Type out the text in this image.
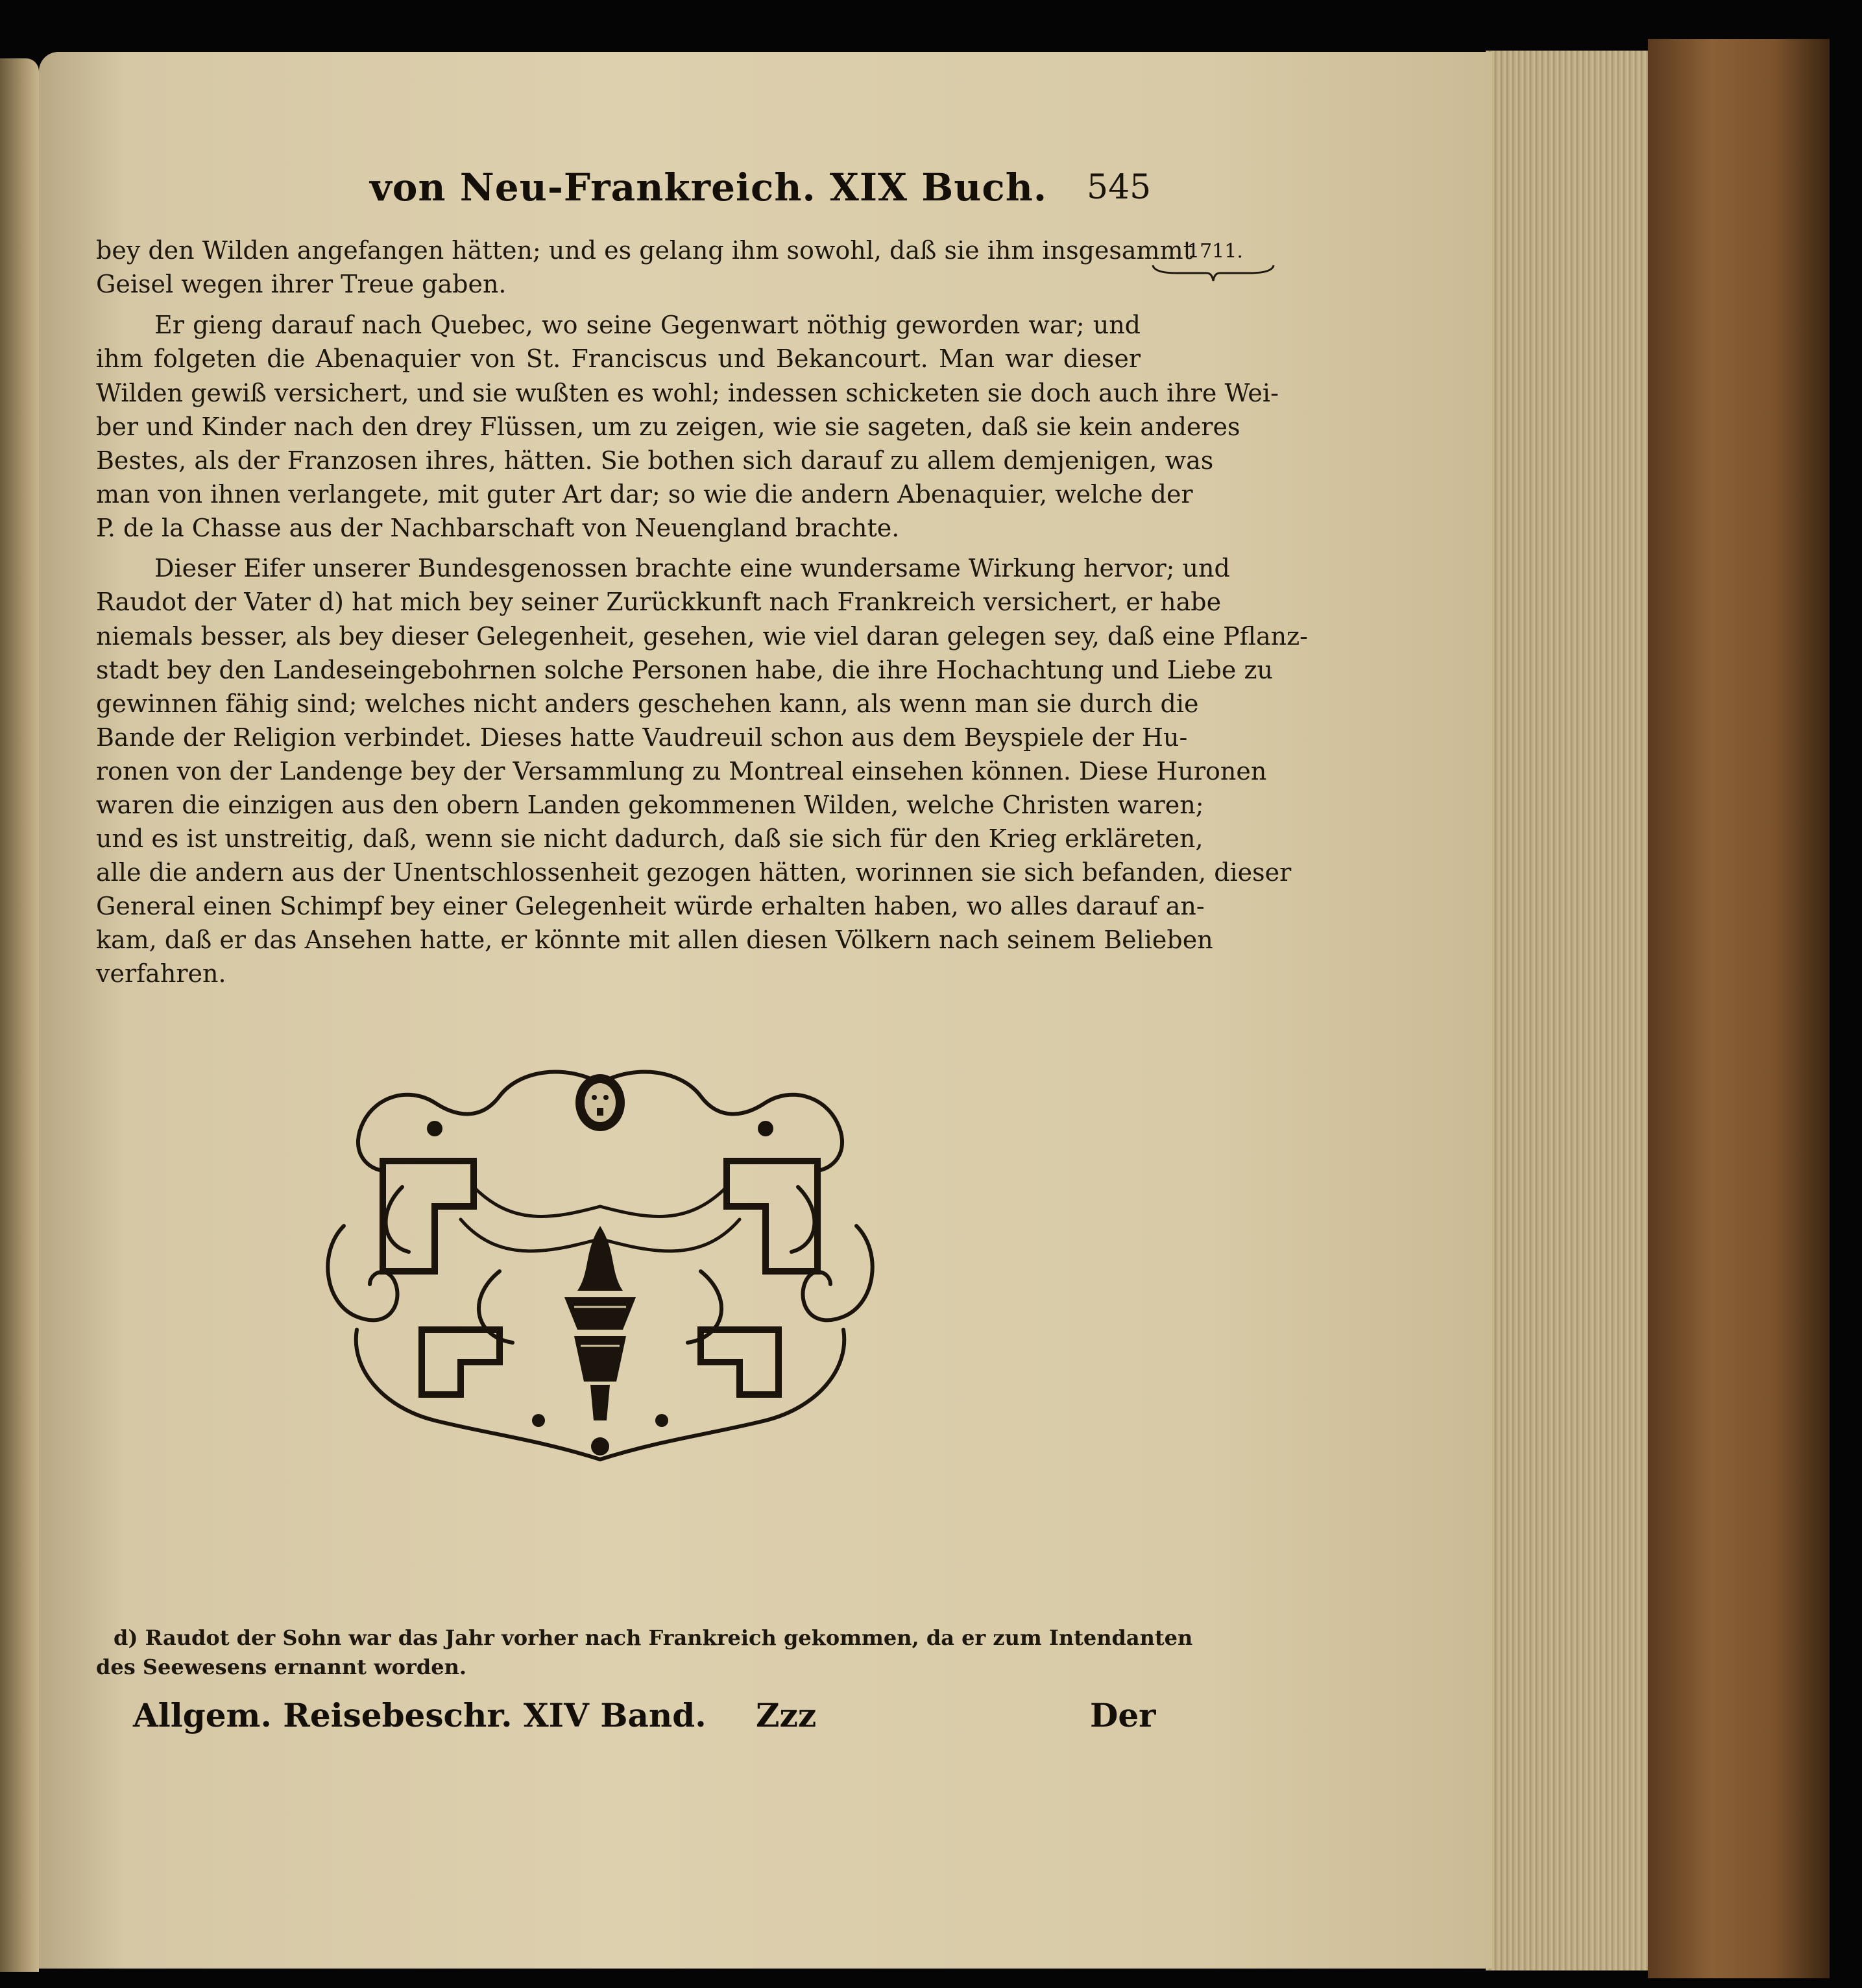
von Neu-Frankreich. XIX Buch. 545
1711.
bey den Wilden angefangen hätten; und es gelang ihm sowohl, daß sie ihm insgesammt
Geisel wegen ihrer Treue gaben.
Er gieng darauf nach Quebec, wo seine Gegenwart nöthig geworden war; und
ihm folgeten die Abenaquier von St. Franciscus und Bekancourt. Man war dieser
Wilden gewiß versichert, und sie wußten es wohl; indessen schicketen sie doch auch ihre Wei-
ber und Kinder nach den drey Flüssen, um zu zeigen, wie sie sageten, daß sie kein anderes
Bestes, als der Franzosen ihres, hätten. Sie bothen sich darauf zu allem demjenigen, was
man von ihnen verlangete, mit guter Art dar; so wie die andern Abenaquier, welche der
P. de la Chasse aus der Nachbarschaft von Neuengland brachte.
Dieser Eifer unserer Bundesgenossen brachte eine wundersame Wirkung hervor; und
Raudot der Vater d) hat mich bey seiner Zurückkunft nach Frankreich versichert, er habe
niemals besser, als bey dieser Gelegenheit, gesehen, wie viel daran gelegen sey, daß eine Pflanz-
stadt bey den Landeseingebohrnen solche Personen habe, die ihre Hochachtung und Liebe zu
gewinnen fähig sind; welches nicht anders geschehen kann, als wenn man sie durch die
Bande der Religion verbindet. Dieses hatte Vaudreuil schon aus dem Beyspiele der Hu-
ronen von der Landenge bey der Versammlung zu Montreal einsehen können. Diese Huronen
waren die einzigen aus den obern Landen gekommenen Wilden, welche Christen waren;
und es ist unstreitig, daß, wenn sie nicht dadurch, daß sie sich für den Krieg erkläreten,
alle die andern aus der Unentschlossenheit gezogen hätten, worinnen sie sich befanden, dieser
General einen Schimpf bey einer Gelegenheit würde erhalten haben, wo alles darauf an-
kam, daß er das Ansehen hatte, er könnte mit allen diesen Völkern nach seinem Belieben
verfahren.
d) Raudot der Sohn war das Jahr vorher nach Frankreich gekommen, da er zum Intendanten
des Seewesens ernannt worden.
Allgem. Reisebeschr. XIV Band. Zzz	Der
